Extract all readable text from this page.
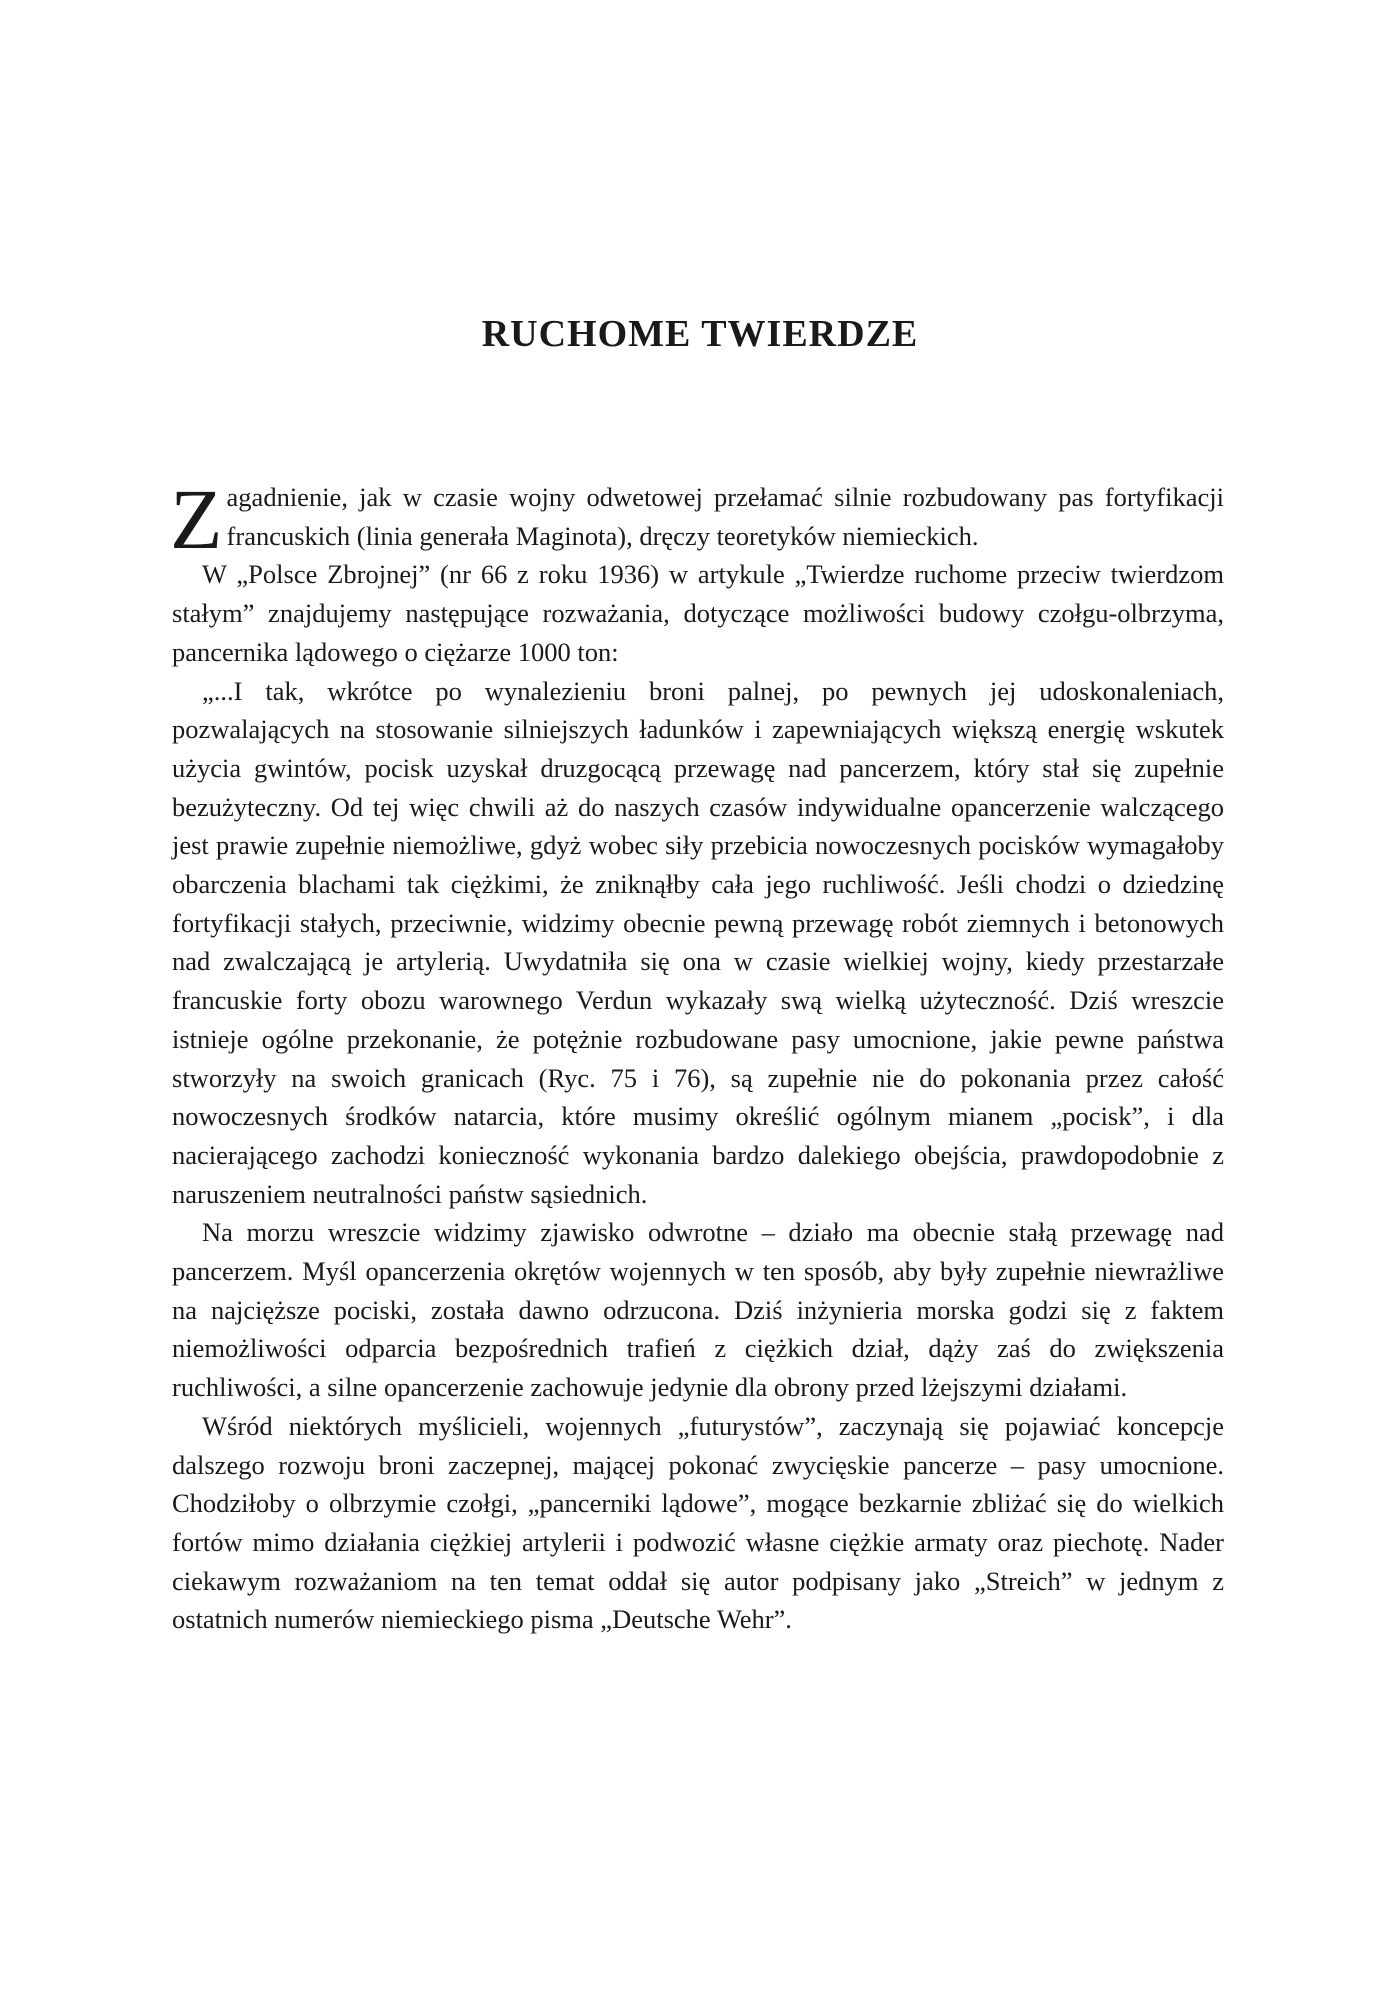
RUCHOME TWIERDZE

Zagadnienie, jak w czasie wojny odwetowej przełamać silnie rozbudowany pas fortyfikacji francuskich (linia generała Maginota), dręczy teoretyków niemieckich.

W „Polsce Zbrojnej” (nr 66 z roku 1936) w artykule „Twierdze ruchome przeciw twierdzom stałym” znajdujemy następujące rozważania, dotyczące możliwości budowy czołgu-olbrzyma, pancernika lądowego o ciężarze 1000 ton:

„...I tak, wkrótce po wynalezieniu broni palnej, po pewnych jej udoskonaleniach, pozwalających na stosowanie silniejszych ładunków i zapewniających większą energię wskutek użycia gwintów, pocisk uzyskał druzgocącą przewagę nad pancerzem, który stał się zupełnie bezużyteczny. Od tej więc chwili aż do naszych czasów indywidualne opancerzenie walczącego jest prawie zupełnie niemożliwe, gdyż wobec siły przebicia nowoczesnych pocisków wymagałoby obarczenia blachami tak ciężkimi, że zniknąłby cała jego ruchliwość. Jeśli chodzi o dziedzinę fortyfikacji stałych, przeciwnie, widzimy obecnie pewną przewagę robót ziemnych i betonowych nad zwalczającą je artylerią. Uwydatniła się ona w czasie wielkiej wojny, kiedy przestarzałe francuskie forty obozu warownego Verdun wykazały swą wielką użyteczność. Dziś wreszcie istnieje ogólne przekonanie, że potężnie rozbudowane pasy umocnione, jakie pewne państwa stworzyły na swoich granicach (Ryc. 75 i 76), są zupełnie nie do pokonania przez całość nowoczesnych środków natarcia, które musimy określić ogólnym mianem „pocisk”, i dla nacierającego zachodzi konieczność wykonania bardzo dalekiego obejścia, prawdopodobnie z naruszeniem neutralności państw sąsiednich.

Na morzu wreszcie widzimy zjawisko odwrotne – działo ma obecnie stałą przewagę nad pancerzem. Myśl opancerzenia okrętów wojennych w ten sposób, aby były zupełnie niewrażliwe na najcięższe pociski, została dawno odrzucona. Dziś inżynieria morska godzi się z faktem niemożliwości odparcia bezpośrednich trafień z ciężkich dział, dąży zaś do zwiększenia ruchliwości, a silne opancerzenie zachowuje jedynie dla obrony przed lżejszymi działami.

Wśród niektórych myślicieli, wojennych „futurystów”, zaczynają się pojawiać koncepcje dalszego rozwoju broni zaczepnej, mającej pokonać zwycięskie pancerze – pasy umocnione. Chodziłoby o olbrzymie czołgi, „pancerniki lądowe”, mogące bezkarnie zbliżać się do wielkich fortów mimo działania ciężkiej artylerii i podwozić własne ciężkie armaty oraz piechotę. Nader ciekawym rozważaniom na ten temat oddał się autor podpisany jako „Streich” w jednym z ostatnich numerów niemieckiego pisma „Deutsche Wehr”.
